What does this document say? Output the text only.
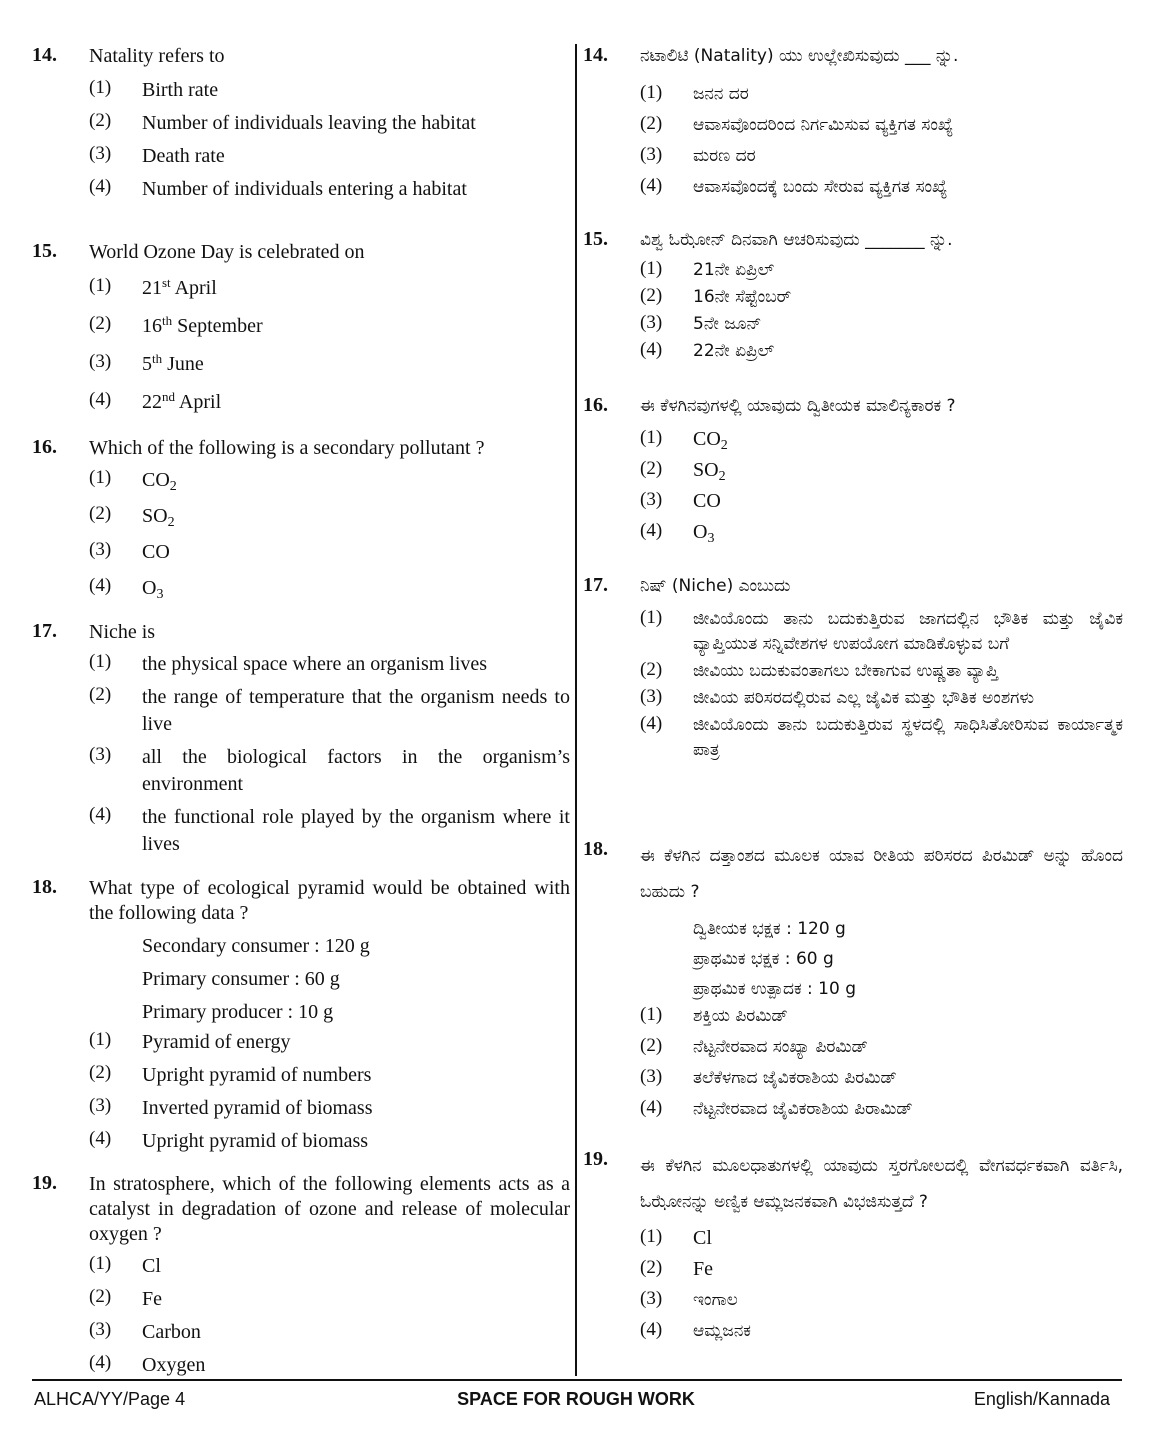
14.	Natality refers to
(1)	Birth rate
(2)	Number of individuals leaving the habitat
(3)	Death rate
(4)	Number of individuals entering a habitat
15.	World Ozone Day is celebrated on
(1)	21st April
(2)	16th September
(3)	5th June
(4)	22nd April
16.	Which of the following is a secondary pollutant ?
(1)	$CO_2$
(2)	$SO_2$
(3)	CO
(4)	$O_3$
17.	Niche is
(1)	the physical space where an organism lives
(2)	the range of temperature that the organism needs to live
(3)	all the biological factors in the organism’s environment
(4)	the functional role played by the organism where it lives
18.	What type of ecological pyramid would be obtained with the following data ?
Secondary consumer : 120 g
Primary consumer : 60 g
Primary producer : 10 g
(1)	Pyramid of energy
(2)	Upright pyramid of numbers
(3)	Inverted pyramid of biomass
(4)	Upright pyramid of biomass
19.	In stratosphere, which of the following elements acts as a catalyst in degradation of ozone and release of molecular oxygen ?
(1)	Cl
(2)	Fe
(3)	Carbon
(4)	Oxygen
14.	ನಟಾಲಿಟಿ (Natality) ಯು ಉಲ್ಲೇಖಿಸುವುದು ___ ನ್ನು.
(1)	ಜನನ ದರ
(2)	ಆವಾಸವೊಂದರಿಂದ ನಿರ್ಗಮಿಸುವ ವ್ಯಕ್ತಿಗತ ಸಂಖ್ಯೆ
(3)	ಮರಣ ದರ
(4)	ಆವಾಸವೊಂದಕ್ಕೆ ಬಂದು ಸೇರುವ ವ್ಯಕ್ತಿಗತ ಸಂಖ್ಯೆ
15.	ವಿಶ್ವ ಓಝೋನ್ ದಿನವಾಗಿ ಆಚರಿಸುವುದು _______ ನ್ನು.
(1)	21ನೇ ಏಪ್ರಿಲ್
(2)	16ನೇ ಸೆಪ್ಟೆಂಬರ್
(3)	5ನೇ ಜೂನ್
(4)	22ನೇ ಏಪ್ರಿಲ್
16.	ಈ ಕೆಳಗಿನವುಗಳಲ್ಲಿ ಯಾವುದು ದ್ವಿತೀಯಕ ಮಾಲಿನ್ಯಕಾರಕ ?
(1)	$CO_2$
(2)	$SO_2$
(3)	CO
(4)	$O_3$
17.	ನಿಷ್ (Niche) ಎಂಬುದು
(1)	ಜೀವಿಯೊಂದು ತಾನು ಬದುಕುತ್ತಿರುವ ಜಾಗದಲ್ಲಿನ ಭೌತಿಕ ಮತ್ತು ಜೈವಿಕ ವ್ಯಾಪ್ತಿಯುತ ಸನ್ನಿವೇಶಗಳ ಉಪಯೋಗ ಮಾಡಿಕೊಳ್ಳುವ ಬಗೆ
(2)	ಜೀವಿಯು ಬದುಕುವಂತಾಗಲು ಬೇಕಾಗುವ ಉಷ್ಣತಾ ವ್ಯಾಪ್ತಿ
(3)	ಜೀವಿಯ ಪರಿಸರದಲ್ಲಿರುವ ಎಲ್ಲ ಜೈವಿಕ ಮತ್ತು ಭೌತಿಕ ಅಂಶಗಳು
(4)	ಜೀವಿಯೊಂದು ತಾನು ಬದುಕುತ್ತಿರುವ ಸ್ಥಳದಲ್ಲಿ ಸಾಧಿಸಿತೋರಿಸುವ ಕಾರ್ಯಾತ್ಮಕ ಪಾತ್ರ
18.	ಈ ಕೆಳಗಿನ ದತ್ತಾಂಶದ ಮೂಲಕ ಯಾವ ರೀತಿಯ ಪರಿಸರದ ಪಿರಮಿಡ್ ಅನ್ನು ಹೊಂದ ಬಹುದು ?
ದ್ವಿತೀಯಕ ಭಕ್ಷಕ : 120 g
ಪ್ರಾಥಮಿಕ ಭಕ್ಷಕ : 60 g
ಪ್ರಾಥಮಿಕ ಉತ್ಪಾದಕ : 10 g
(1)	ಶಕ್ತಿಯ ಪಿರಮಿಡ್
(2)	ನೆಟ್ಟನೇರವಾದ ಸಂಖ್ಯಾ ಪಿರಮಿಡ್
(3)	ತಲೆಕೆಳಗಾದ ಜೈವಿಕರಾಶಿಯ ಪಿರಮಿಡ್
(4)	ನೆಟ್ಟನೇರವಾದ ಜೈವಿಕರಾಶಿಯ ಪಿರಾಮಿಡ್
19.	ಈ ಕೆಳಗಿನ ಮೂಲಧಾತುಗಳಲ್ಲಿ ಯಾವುದು ಸ್ತರಗೋಲದಲ್ಲಿ ವೇಗವರ್ಧಕವಾಗಿ ವರ್ತಿಸಿ, ಓಝೋನನ್ನು ಅಣ್ವಿಕ ಆಮ್ಲಜನಕವಾಗಿ ವಿಭಜಿಸುತ್ತದೆ ?
(1)	Cl
(2)	Fe
(3)	ಇಂಗಾಲ
(4)	ಆಮ್ಲಜನಕ
SPACE FOR ROUGH WORK
ALHCA/YY/Page 4	English/Kannada
